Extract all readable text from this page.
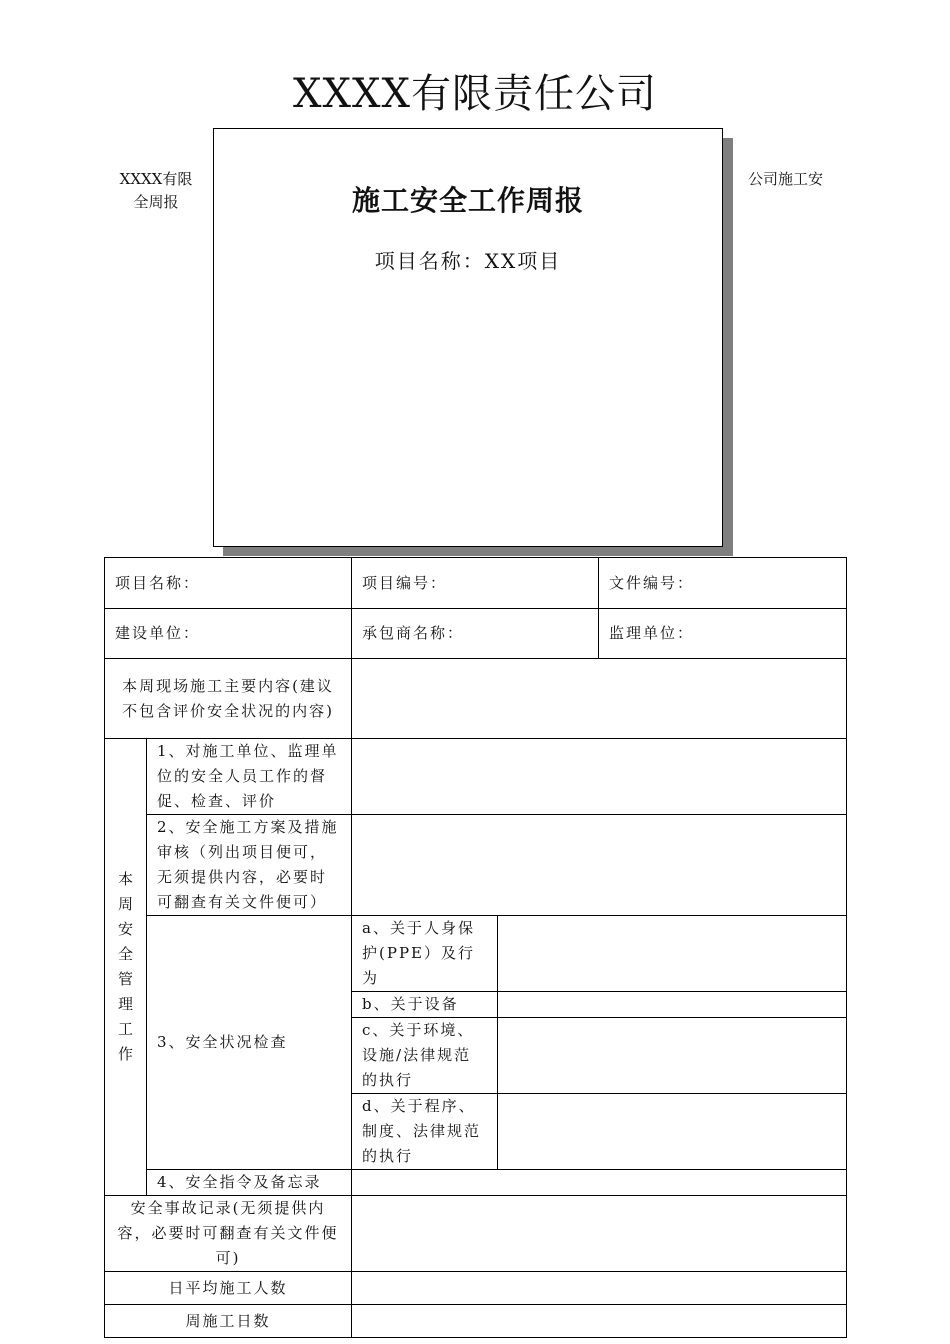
XXXX有限责任公司
XXXX有限
全周报
公司施工安
施工安全工作周报
项目名称：XX项目
项目名称：		项目编号：		文件编号：
建设单位：		承包商名称：		监理单位：
本周现场施工主要内容(建议不包含评价安全状况的内容)				

本周安全管理工作	1、对施工单位、监理单位的安全人员工作的督促、检查、评价			
	2、安全施工方案及措施审核（列出项目便可，无须提供内容，必要时可翻查有关文件便可）			
	3、安全状况检查	a、关于人身保护(PPE）及行为		
		b、关于设备		
		c、关于环境、设施/法律规范的执行		
		d、关于程序、制度、法律规范的执行		
	4、安全指令及备忘录			
安全事故记录(无须提供内容，必要时可翻查有关文件便可)				
日平均施工人数				
周施工日数				
